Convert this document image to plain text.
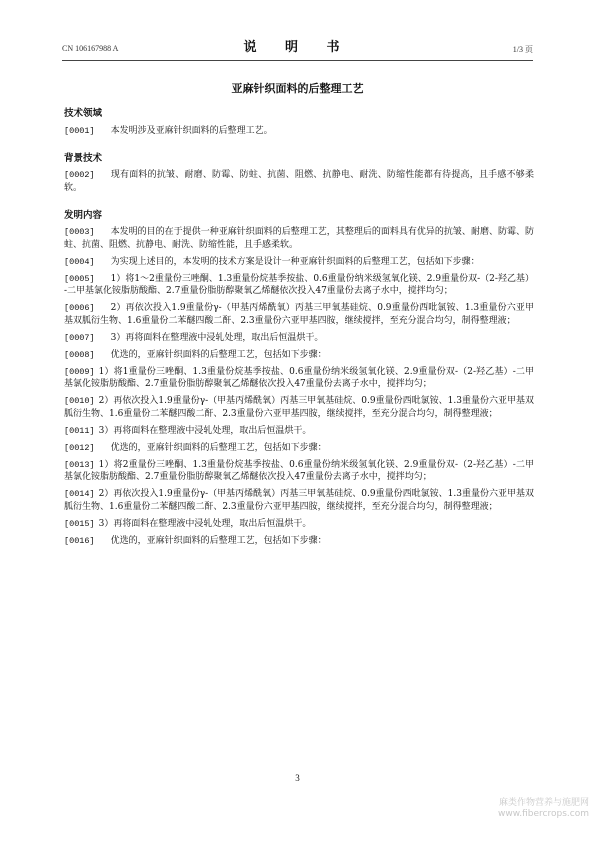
CN 106167988 A	说 明 书	1/3 页
亚麻针织面料的后整理工艺
技术领域
[0001] 本发明涉及亚麻针织面料的后整理工艺。
背景技术
[0002] 现有面料的抗皱、耐磨、防霉、防蛀、抗菌、阻燃、抗静电、耐洗、防缩性能都有待提高，且手感不够柔软。
发明内容
[0003] 本发明的目的在于提供一种亚麻针织面料的后整理工艺，其整理后的面料具有优异的抗皱、耐磨、防霉、防蛀、抗菌、阻燃、抗静电、耐洗、防缩性能，且手感柔软。
[0004] 为实现上述目的，本发明的技术方案是设计一种亚麻针织面料的后整理工艺，包括如下步骤：
[0005] 1）将1～2重量份三唑酮、1.3重量份烷基季按盐、0.6重量份纳米级氢氧化镁、2.9重量份双-（2-羟乙基）-二甲基氯化铵脂肪酸酯、2.7重量份脂肪醇聚氧乙烯醚依次投入47重量份去离子水中，搅拌均匀；
[0006] 2）再依次投入1.9重量份γ-（甲基丙烯酰氧）丙基三甲氧基硅烷、0.9重量份西吡氯铵、1.3重量份六亚甲基双胍衍生物、1.6重量份二苯醚四酸二酐、2.3重量份六亚甲基四胺，继续搅拌，至充分混合均匀，制得整理液；
[0007] 3）再将面料在整理液中浸轧处理，取出后恒温烘干。
[0008] 优选的，亚麻针织面料的后整理工艺，包括如下步骤：
[0009] 1）将1重量份三唑酮、1.3重量份烷基季按盐、0.6重量份纳米级氢氧化镁、2.9重量份双-（2-羟乙基）-二甲基氯化铵脂肪酸酯、2.7重量份脂肪醇聚氧乙烯醚依次投入47重量份去离子水中，搅拌均匀；
[0010] 2）再依次投入1.9重量份γ-（甲基丙烯酰氧）丙基三甲氧基硅烷、0.9重量份西吡氯铵、1.3重量份六亚甲基双胍衍生物、1.6重量份二苯醚四酸二酐、2.3重量份六亚甲基四胺，继续搅拌，至充分混合均匀，制得整理液；
[0011] 3）再将面料在整理液中浸轧处理，取出后恒温烘干。
[0012] 优选的，亚麻针织面料的后整理工艺，包括如下步骤：
[0013] 1）将2重量份三唑酮、1.3重量份烷基季按盐、0.6重量份纳米级氢氧化镁、2.9重量份双-（2-羟乙基）-二甲基氯化铵脂肪酸酯、2.7重量份脂肪醇聚氧乙烯醚依次投入47重量份去离子水中，搅拌均匀；
[0014] 2）再依次投入1.9重量份γ-（甲基丙烯酰氧）丙基三甲氧基硅烷、0.9重量份西吡氯铵、1.3重量份六亚甲基双胍衍生物、1.6重量份二苯醚四酸二酐、2.3重量份六亚甲基四胺，继续搅拌，至充分混合均匀，制得整理液；
[0015] 3）再将面料在整理液中浸轧处理，取出后恒温烘干。
[0016] 优选的，亚麻针织面料的后整理工艺，包括如下步骤：
3
麻类作物营养与施肥网
www.fibercrops.com
